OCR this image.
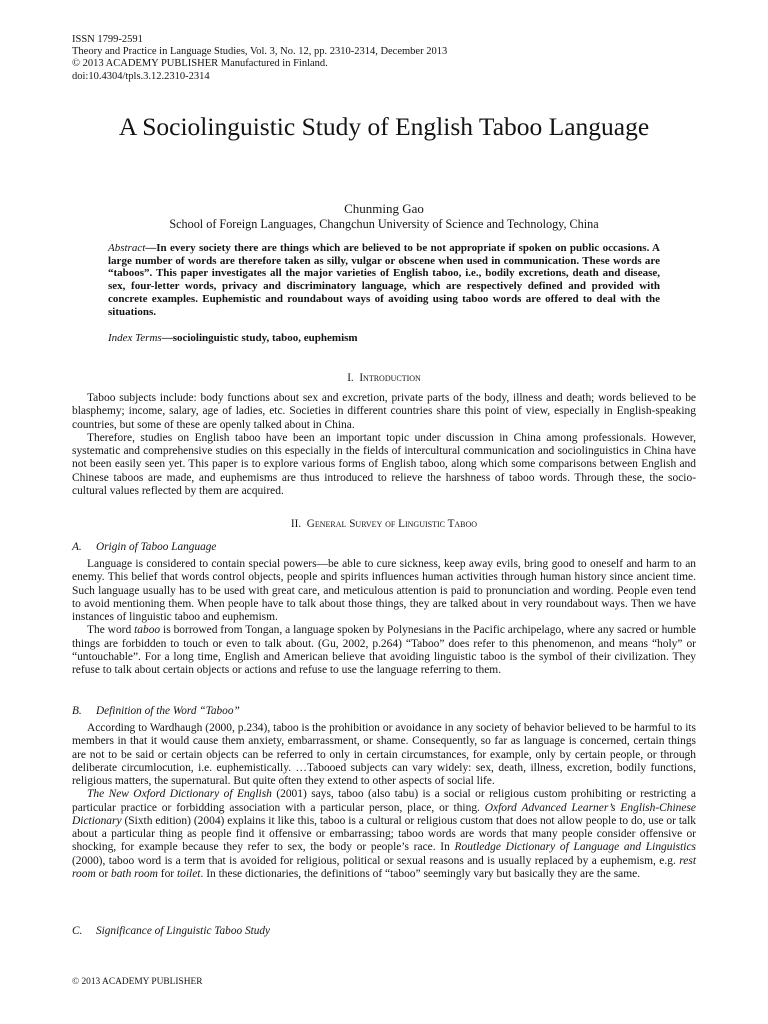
ISSN 1799-2591
Theory and Practice in Language Studies, Vol. 3, No. 12, pp. 2310-2314, December 2013
© 2013 ACADEMY PUBLISHER Manufactured in Finland.
doi:10.4304/tpls.3.12.2310-2314
A Sociolinguistic Study of English Taboo Language
Chunming Gao
School of Foreign Languages, Changchun University of Science and Technology, China
Abstract—In every society there are things which are believed to be not appropriate if spoken on public occasions. A large number of words are therefore taken as silly, vulgar or obscene when used in communication. These words are “taboos”. This paper investigates all the major varieties of English taboo, i.e., bodily excretions, death and disease, sex, four-letter words, privacy and discriminatory language, which are respectively defined and provided with concrete examples. Euphemistic and roundabout ways of avoiding using taboo words are offered to deal with the situations.
Index Terms—sociolinguistic study, taboo, euphemism
I. Introduction

Taboo subjects include: body functions about sex and excretion, private parts of the body, illness and death; words believed to be blasphemy; income, salary, age of ladies, etc. Societies in different countries share this point of view, especially in English-speaking countries, but some of these are openly talked about in China.

Therefore, studies on English taboo have been an important topic under discussion in China among professionals. However, systematic and comprehensive studies on this especially in the fields of intercultural communication and sociolinguistics in China have not been easily seen yet. This paper is to explore various forms of English taboo, along which some comparisons between English and Chinese taboos are made, and euphemisms are thus introduced to relieve the harshness of taboo words. Through these, the socio-cultural values reflected by them are acquired.

II. General Survey of Linguistic Taboo
A. Origin of Taboo Language

Language is considered to contain special powers—be able to cure sickness, keep away evils, bring good to oneself and harm to an enemy. This belief that words control objects, people and spirits influences human activities through human history since ancient time. Such language usually has to be used with great care, and meticulous attention is paid to pronunciation and wording. People even tend to avoid mentioning them. When people have to talk about those things, they are talked about in very roundabout ways. Then we have instances of linguistic taboo and euphemism.

The word taboo is borrowed from Tongan, a language spoken by Polynesians in the Pacific archipelago, where any sacred or humble things are forbidden to touch or even to talk about. (Gu, 2002, p.264) “Taboo” does refer to this phenomenon, and means “holy” or “untouchable”. For a long time, English and American believe that avoiding linguistic taboo is the symbol of their civilization. They refuse to talk about certain objects or actions and refuse to use the language referring to them.

B. Definition of the Word “Taboo”

According to Wardhaugh (2000, p.234), taboo is the prohibition or avoidance in any society of behavior believed to be harmful to its members in that it would cause them anxiety, embarrassment, or shame. Consequently, so far as language is concerned, certain things are not to be said or certain objects can be referred to only in certain circumstances, for example, only by certain people, or through deliberate circumlocution, i.e. euphemistically. …Tabooed subjects can vary widely: sex, death, illness, excretion, bodily functions, religious matters, the supernatural. But quite often they extend to other aspects of social life.

The New Oxford Dictionary of English (2001) says, taboo (also tabu) is a social or religious custom prohibiting or restricting a particular practice or forbidding association with a particular person, place, or thing. Oxford Advanced Learner’s English-Chinese Dictionary (Sixth edition) (2004) explains it like this, taboo is a cultural or religious custom that does not allow people to do, use or talk about a particular thing as people find it offensive or embarrassing; taboo words are words that many people consider offensive or shocking, for example because they refer to sex, the body or people’s race. In Routledge Dictionary of Language and Linguistics (2000), taboo word is a term that is avoided for religious, political or sexual reasons and is usually replaced by a euphemism, e.g. rest room or bath room for toilet. In these dictionaries, the definitions of “taboo” seemingly vary but basically they are the same.

C. Significance of Linguistic Taboo Study
© 2013 ACADEMY PUBLISHER
